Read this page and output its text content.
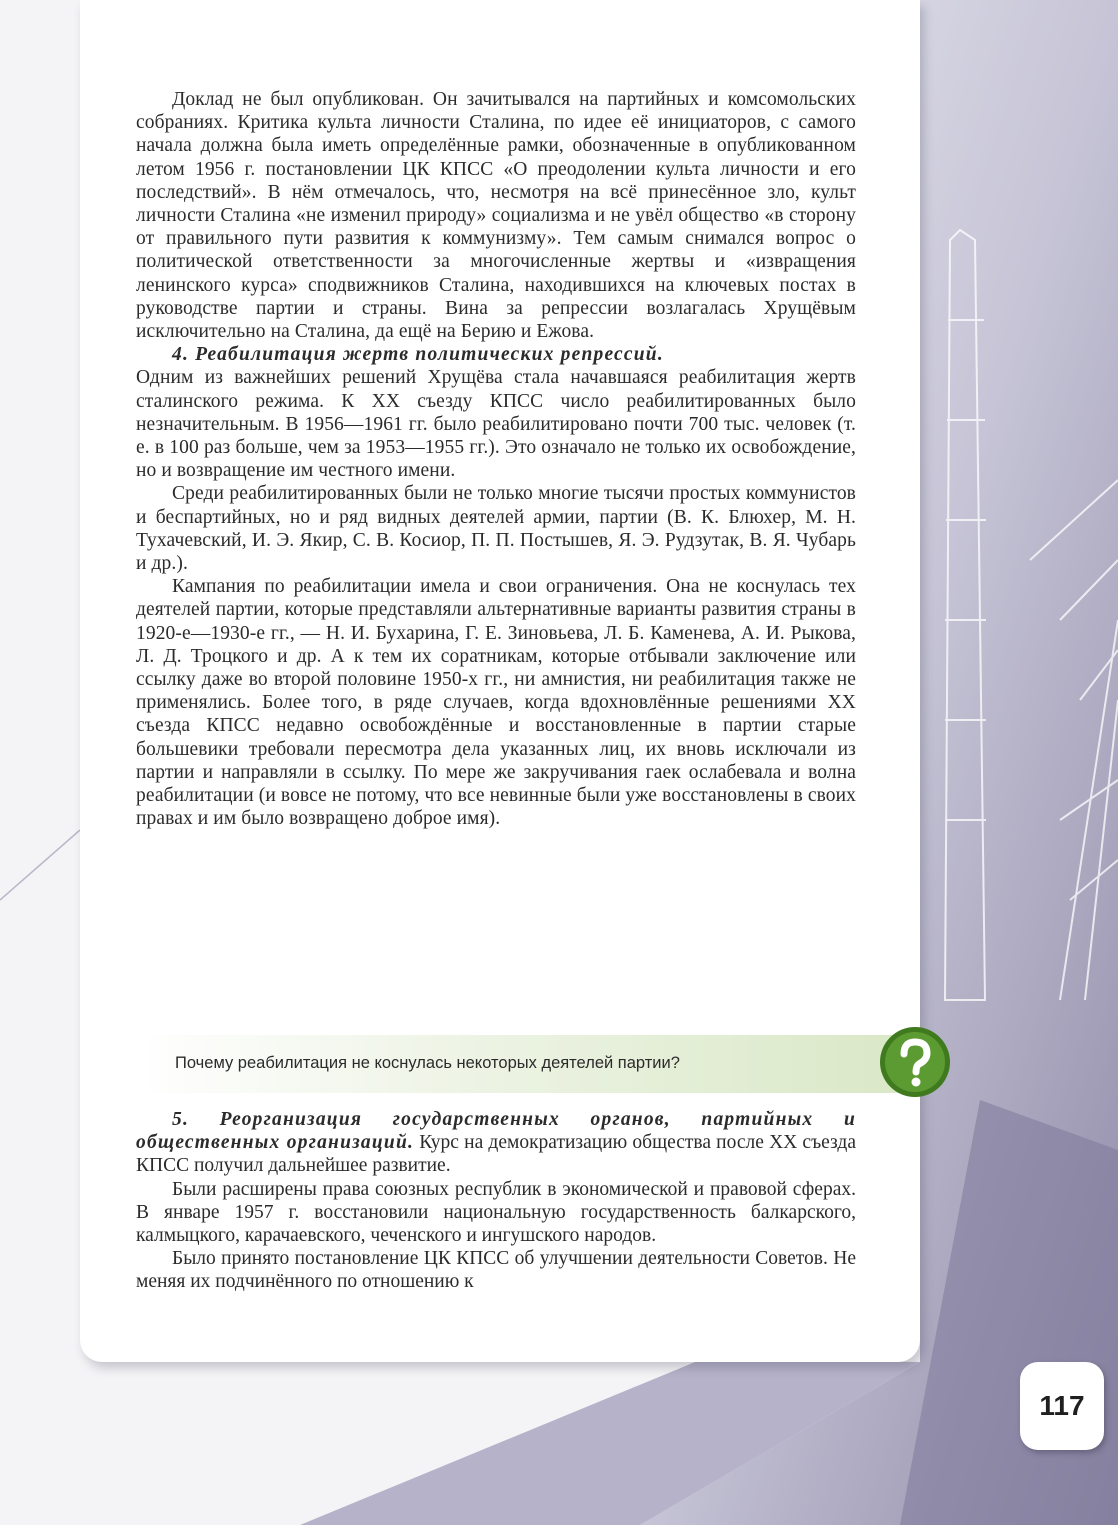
Доклад не был опубликован. Он зачитывался на партийных и комсомольских собраниях. Критика культа личности Сталина, по идее её инициаторов, с самого начала должна была иметь определённые рамки, обозначенные в опубликованном летом 1956 г. постановлении ЦК КПСС «О преодолении культа личности и его последствий». В нём отмечалось, что, несмотря на всё принесённое зло, культ личности Сталина «не изменил природу» социализма и не увёл общество «в сторону от правильного пути развития к коммунизму». Тем самым снимался вопрос о политической ответственности за многочисленные жертвы и «извращения ленинского курса» сподвижников Сталина, находившихся на ключевых постах в руководстве партии и страны. Вина за репрессии возлагалась Хрущёвым исключительно на Сталина, да ещё на Берию и Ежова.

4. Реабилитация жертв политических репрессий.

Одним из важнейших решений Хрущёва стала начавшаяся реабилитация жертв сталинского режима. К XX съезду КПСС число реабилитированных было незначительным. В 1956—1961 гг. было реабилитировано почти 700 тыс. человек (т. е. в 100 раз больше, чем за 1953—1955 гг.). Это означало не только их освобождение, но и возвращение им честного имени.

Среди реабилитированных были не только многие тысячи простых коммунистов и беспартийных, но и ряд видных деятелей армии, партии (В. К. Блюхер, М. Н. Тухачевский, И. Э. Якир, С. В. Косиор, П. П. Постышев, Я. Э. Рудзутак, В. Я. Чубарь и др.).

Кампания по реабилитации имела и свои ограничения. Она не коснулась тех деятелей партии, которые представляли альтернативные варианты развития страны в 1920-е—1930-е гг., — Н. И. Бухарина, Г. Е. Зиновьева, Л. Б. Каменева, А. И. Рыкова, Л. Д. Троцкого и др. А к тем их соратникам, которые отбывали заключение или ссылку даже во второй половине 1950-х гг., ни амнистия, ни реабилитация также не применялись. Более того, в ряде случаев, когда вдохновлённые решениями XX съезда КПСС недавно освобождённые и восстановленные в партии старые большевики требовали пересмотра дела указанных лиц, их вновь исключали из партии и направляли в ссылку. По мере же закручивания гаек ослабевала и волна реабилитации (и вовсе не потому, что все невинные были уже восстановлены в своих правах и им было возвращено доброе имя).

Почему реабилитация не коснулась некоторых деятелей партии?

5. Реорганизация государственных органов, партийных и общественных организаций. Курс на демократизацию общества после XX съезда КПСС получил дальнейшее развитие.

Были расширены права союзных республик в экономической и правовой сферах. В январе 1957 г. восстановили национальную государственность балкарского, калмыцкого, карачаевского, чеченского и ингушского народов.

Было принято постановление ЦК КПСС об улучшении деятельности Советов. Не меняя их подчинённого по отношению к

117
